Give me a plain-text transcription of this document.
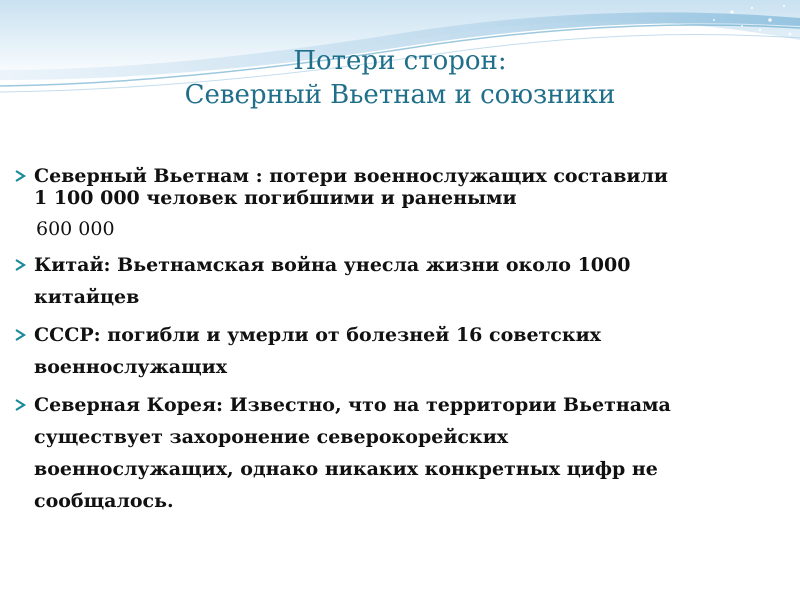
Потери сторон:
Северный Вьетнам и союзники
Северный Вьетнам : потери военнослужащих составили
1 100 000 человек погибшими и ранеными
600 000
Китай: Вьетнамская война унесла жизни около 1000
китайцев
СССР: погибли и умерли от болезней 16 советских
военнослужащих
Северная Корея: Известно, что на территории Вьетнама
существует захоронение северокорейских
военнослужащих, однако никаких конкретных цифр не
сообщалось.
